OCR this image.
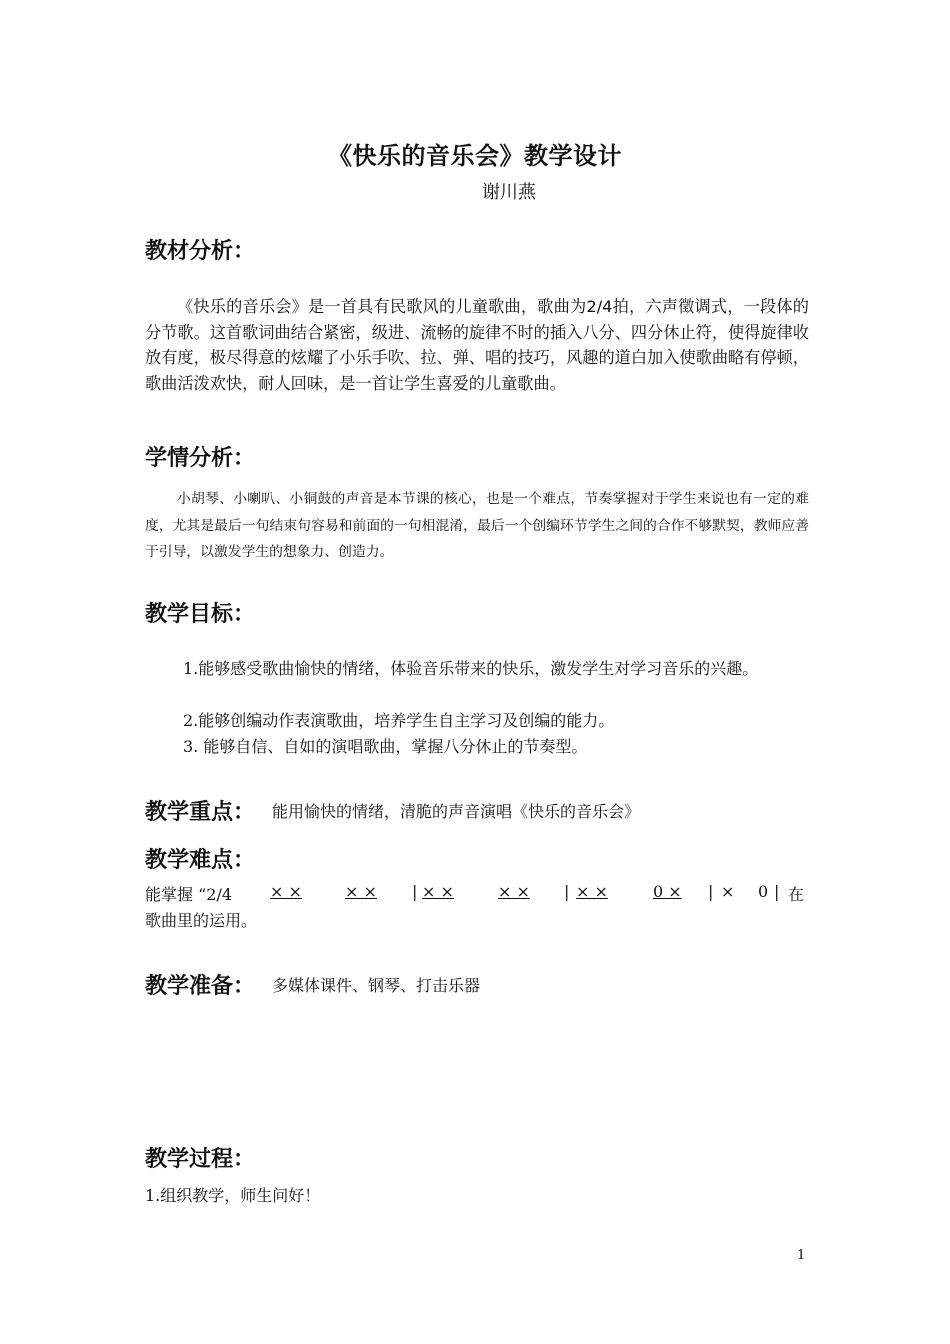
《快乐的音乐会》教学设计
谢川燕
教材分析：

《快乐的音乐会》是一首具有民歌风的儿童歌曲，歌曲为2/4拍，六声徵调式，一段体的分节歌。这首歌词曲结合紧密，级进、流畅的旋律不时的插入八分、四分休止符，使得旋律收放有度，极尽得意的炫耀了小乐手吹、拉、弹、唱的技巧，风趣的道白加入使歌曲略有停顿，歌曲活泼欢快，耐人回味，是一首让学生喜爱的儿童歌曲。

学情分析：

小胡琴、小喇叭、小铜鼓的声音是本节课的核心，也是一个难点，节奏掌握对于学生来说也有一定的难度，尤其是最后一句结束句容易和前面的一句相混淆，最后一个创编环节学生之间的合作不够默契，教师应善于引导，以激发学生的想象力、创造力。

教学目标：

1.能够感受歌曲愉快的情绪，体验音乐带来的快乐，激发学生对学习音乐的兴趣。

2.能够创编动作表演歌曲，培养学生自主学习及创编的能力。

3. 能够自信、自如的演唱歌曲，掌握八分休止的节奏型。

教学重点： 能用愉快的情绪，清脆的声音演唱《快乐的音乐会》
教学难点：
能掌握 “2/4 × ×	× × | × ×	× × | × ×	0 × | × 0 | 在
歌曲里的运用。
教学准备： 多媒体课件、钢琴、打击乐器
教学过程：
1.组织教学，师生问好！
1
